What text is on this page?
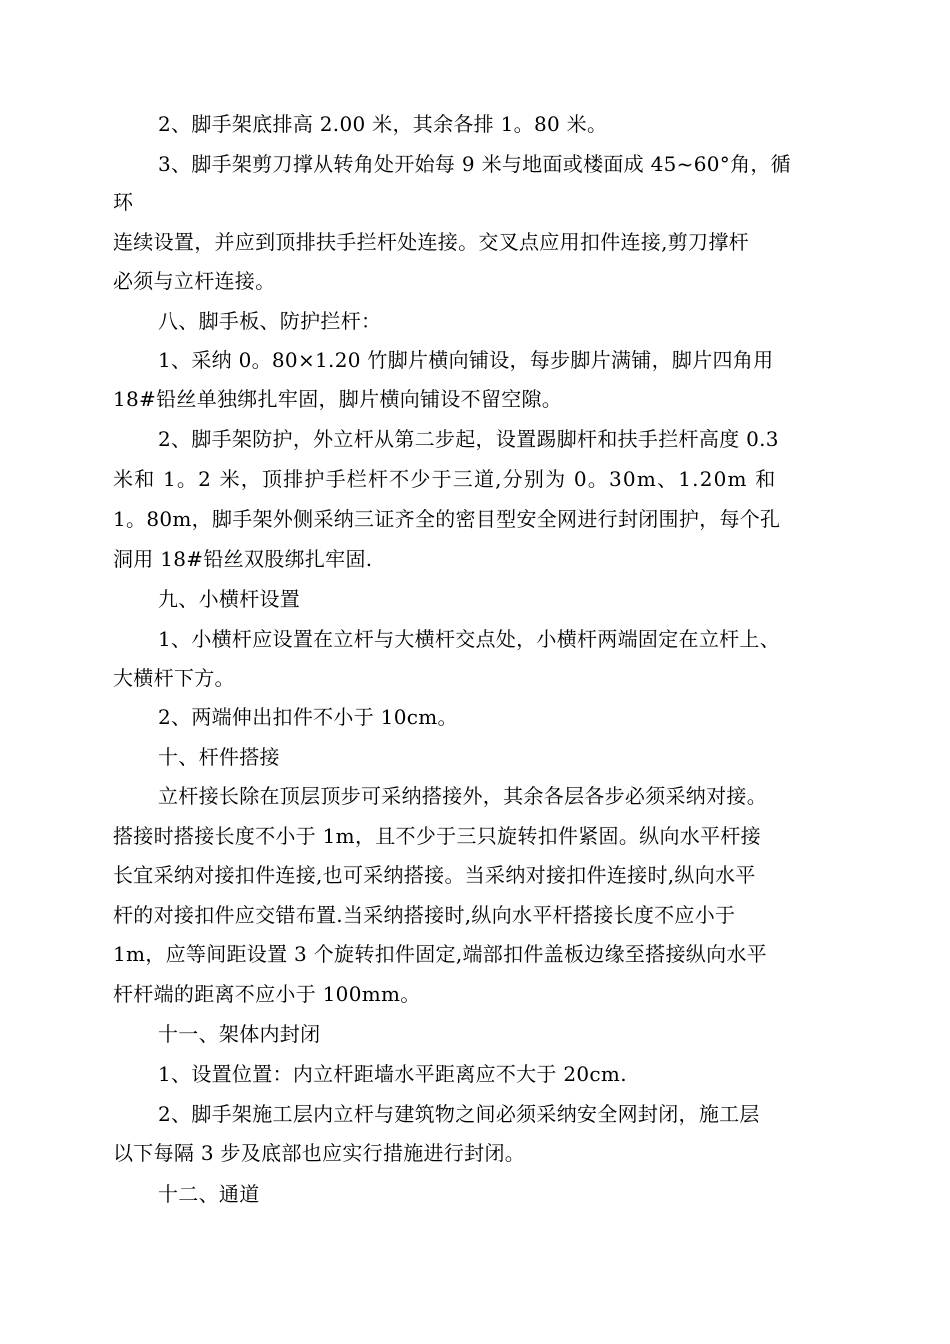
2、脚手架底排高 2.00 米，其余各排 1。80 米。
3、脚手架剪刀撑从转角处开始每 9 米与地面或楼面成 45~60°角，循
环
连续设置，并应到顶排扶手拦杆处连接。交叉点应用扣件连接,剪刀撑杆
必须与立杆连接。
八、脚手板、防护拦杆：
1、采纳 0。80×1.20 竹脚片横向铺设，每步脚片满铺，脚片四角用
18#铅丝单独绑扎牢固，脚片横向铺设不留空隙。
2、脚手架防护，外立杆从第二步起，设置踢脚杆和扶手拦杆高度 0.3
米和 1。2 米，顶排护手栏杆不少于三道,分别为 0。30m、1.20m 和
1。80m，脚手架外侧采纳三证齐全的密目型安全网进行封闭围护，每个孔
洞用 18#铅丝双股绑扎牢固.
九、小横杆设置
1、小横杆应设置在立杆与大横杆交点处，小横杆两端固定在立杆上、
大横杆下方。
2、两端伸出扣件不小于 10cm。
十、杆件搭接
立杆接长除在顶层顶步可采纳搭接外，其余各层各步必须采纳对接。
搭接时搭接长度不小于 1m，且不少于三只旋转扣件紧固。纵向水平杆接
长宜采纳对接扣件连接,也可采纳搭接。当采纳对接扣件连接时,纵向水平
杆的对接扣件应交错布置.当采纳搭接时,纵向水平杆搭接长度不应小于
1m，应等间距设置 3 个旋转扣件固定,端部扣件盖板边缘至搭接纵向水平
杆杆端的距离不应小于 100mm。
十一、架体内封闭
1、设置位置：内立杆距墙水平距离应不大于 20cm.
2、脚手架施工层内立杆与建筑物之间必须采纳安全网封闭，施工层
以下每隔 3 步及底部也应实行措施进行封闭。
十二、通道
